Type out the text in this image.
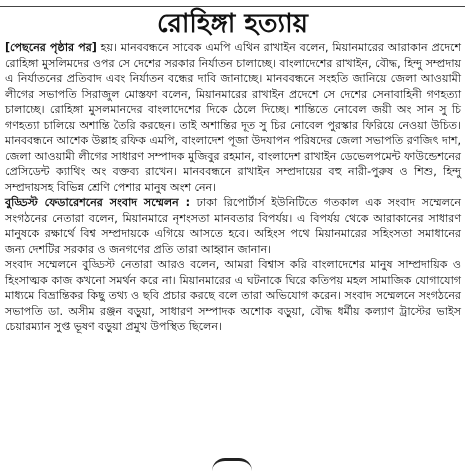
রোহিঙ্গা হত্যায়

[পেছনের পৃষ্ঠার পর] হয়। মানববন্ধনে সাবেক এমপি এথিন রাখাইন বলেন, মিয়ানমারের আরাকান প্রদেশে রোহিঙ্গা মুসলিমদের ওপর সে দেশের সরকার নির্যাতন চালাচ্ছে। বাংলাদেশের রাখাইন, বৌদ্ধ, হিন্দু সম্প্রদায় এ নির্যাতনের প্রতিবাদ এবং নির্যাতন বন্ধের দাবি জানাচ্ছে। মানববন্ধনে সংহতি জানিয়ে জেলা আওয়ামী লীগের সভাপতি সিরাজুল মোস্তফা বলেন, মিয়ানমারের রাখাইন প্রদেশে সে দেশের সেনাবাহিনী গণহত্যা চালাচ্ছে। রোহিঙ্গা মুসলমানদের বাংলাদেশের দিকে ঠেলে দিচ্ছে। শান্তিতে নোবেল জয়ী অং সান সু চি গণহত্যা চালিয়ে অশান্তি তৈরি করছেন। তাই অশান্তির দূত সু চির নোবেল পুরস্কার ফিরিয়ে নেওয়া উচিত। মানববন্ধনে আশেক উল্লাহ রফিক এমপি, বাংলাদেশ পূজা উদযাপন পরিষদের জেলা সভাপতি রণজিৎ দাশ, জেলা আওয়ামী লীগের সাধারণ সম্পাদক মুজিবুর রহমান, বাংলাদেশ রাখাইন ডেভেলপমেন্ট ফাউন্ডেশনের প্রেসিডেন্ট ক্যাথিং অং বক্তব্য রাখেন। মানববন্ধনে রাখাইন সম্প্রদায়ের বহু নারী-পুরুষ ও শিশু, হিন্দু সম্প্রদায়সহ বিভিন্ন শ্রেণি পেশার মানুষ অংশ নেন।

বুড্ডিস্ট ফেডারেশনের সংবাদ সম্মেলন : ঢাকা রিপোর্টার্স ইউনিটিতে গতকাল এক সংবাদ সম্মেলনে সংগঠনের নেতারা বলেন, মিয়ানমারে নৃশংসতা মানবতার বিপর্যয়। এ বিপর্যয় থেকে আরাকানের সাধারণ মানুষকে রক্ষার্থে বিশ্ব সম্প্রদায়কে এগিয়ে আসতে হবে। অহিংস পথে মিয়ানমারের সহিংসতা সমাধানের জন্য দেশটির সরকার ও জনগণের প্রতি তারা আহ্বান জানান।

সংবাদ সম্মেলনে বুড্ডিস্ট নেতারা আরও বলেন, আমরা বিশ্বাস করি বাংলাদেশের মানুষ সাম্প্রদায়িক ও হিংসাত্মক কাজ কখনো সমর্থন করে না। মিয়ানমারের এ ঘটনাকে ঘিরে কতিপয় মহল সামাজিক যোগাযোগ মাধ্যমে বিভ্রান্তিকর কিছু তথ্য ও ছবি প্রচার করছে বলে তারা অভিযোগ করেন। সংবাদ সম্মেলনে সংগঠনের সভাপতি ডা. অসীম রঞ্জন বড়ুয়া, সাধারণ সম্পাদক অশোক বড়ুয়া, বৌদ্ধ ধর্মীয় কল্যাণ ট্রাস্টের ভাইস চেয়ারম্যান সুপ্ত ভূষণ বড়ুয়া প্রমুখ উপস্থিত ছিলেন।
